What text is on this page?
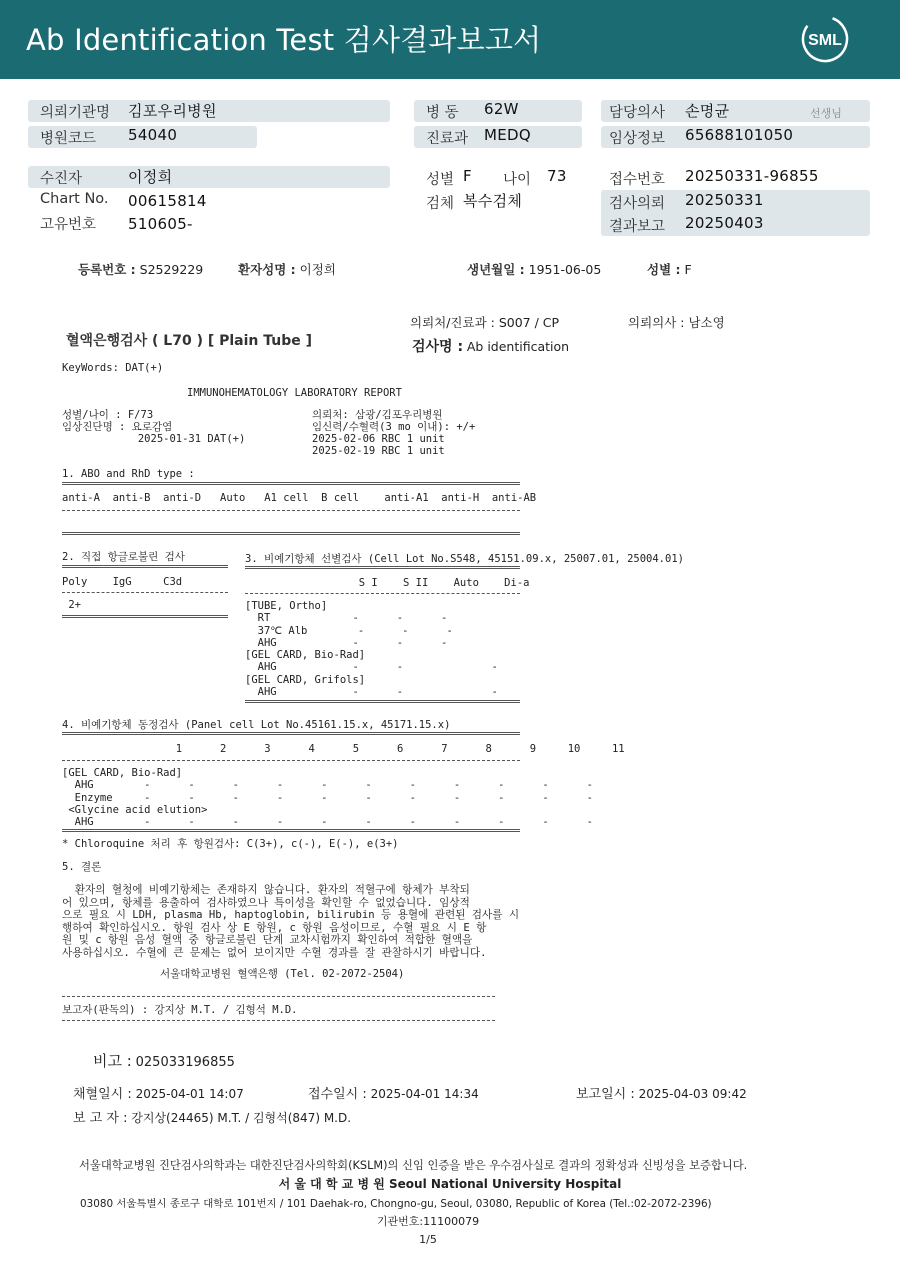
Ab Identification Test 검사결과보고서	SML
의뢰기관명 김포우리병원
병원코드 54040
병 동 62W
진료과 MEDQ
담당의사 손명균	선생님
임상정보 65688101050
수진자	이정희
Chart No. 00615814
고유번호 510605-
성별 F 나이 73
검체 복수검체
접수번호 20250331-96855
검사의뢰 20250331
결과보고 20250403
등록번호 : S2529229	환자성명 : 이정희	생년월일 : 1951-06-05	성별 : F
의뢰처/진료과 : S007 / CP	의뢰의사 : 남소영
혈액은행검사 ( L70 ) [ Plain Tube ]	검사명 : Ab identification
KeyWords: DAT(+)
IMMUNOHEMATOLOGY LABORATORY REPORT
성별/나이 : F/73
임상진단명 : 요로감염
2025-01-31 DAT(+)
의뢰처: 삼광/김포우리병원
임신력/수혈력(3 mo 이내): +/+
2025-02-06 RBC 1 unit
2025-02-19 RBC 1 unit
1. ABO and RhD type :
anti-A  anti-B  anti-D   Auto   A1 cell  B cell    anti-A1  anti-H  anti-AB
2. 직접 항글로불린 검사
Poly    IgG     C3d
2+
3. 비예기항체 선별검사 (Cell Lot No.S548, 45151.09.x, 25007.01, 25004.01)
S I    S II    Auto    Di-a
[TUBE, Ortho]
RT             -      -      -
37℃ Alb        -      -      -
AHG            -      -      -
[GEL CARD, Bio-Rad]
AHG            -      -              -
[GEL CARD, Grifols]
AHG            -      -              -
4. 비예기항체 동정검사 (Panel cell Lot No.45161.15.x, 45171.15.x)
1      2      3      4      5      6      7      8      9     10     11
[GEL CARD, Bio-Rad]
AHG        -      -      -      -      -      -      -      -      -      -      -
Enzyme     -      -      -      -      -      -      -      -      -      -      -
<Glycine acid elution>
AHG        -      -      -      -      -      -      -      -      -      -      -
* Chloroquine 처리 후 항원검사: C(3+), c(-), E(-), e(3+)
5. 결론
환자의 혈청에 비예기항체는 존재하지 않습니다. 환자의 적혈구에 항체가 부착되
어 있으며, 항체를 용출하여 검사하였으나 특이성을 확인할 수 없었습니다. 임상적
으로 필요 시 LDH, plasma Hb, haptoglobin, bilirubin 등 용혈에 관련된 검사를 시
행하여 확인하십시오. 항원 검사 상 E 항원, c 항원 음성이므로, 수혈 필요 시 E 항
원 및 c 항원 음성 혈액 중 항글로불린 단계 교차시험까지 확인하여 적합한 혈액을
사용하십시오. 수혈에 큰 문제는 없어 보이지만 수혈 경과를 잘 관찰하시기 바랍니다.
서울대학교병원 혈액은행 (Tel. 02-2072-2504)
보고자(판독의) : 강지상 M.T. / 김형석 M.D.
비고 : 025033196855
채혈일시 : 2025-04-01 14:07	접수일시 : 2025-04-01 14:34	보고일시 : 2025-04-03 09:42
보 고 자 : 강지상(24465) M.T. / 김형석(847) M.D.
서울대학교병원 진단검사의학과는 대한진단검사의학회(KSLM)의 신임 인증을 받은 우수검사실로 결과의 정확성과 신빙성을 보증합니다.
서 울 대 학 교 병 원 Seoul National University Hospital
03080 서울특별시 종로구 대학로 101번지 / 101 Daehak-ro, Chongno-gu, Seoul, 03080, Republic of Korea (Tel.:02-2072-2396)
기관번호:11100079
1/5
